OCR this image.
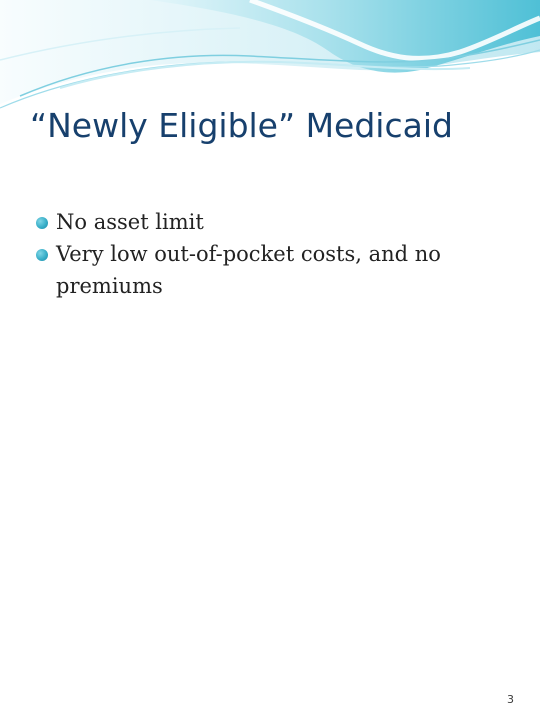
“Newly Eligible” Medicaid
No asset limit
Very low out-of-pocket costs, and no premiums
3
